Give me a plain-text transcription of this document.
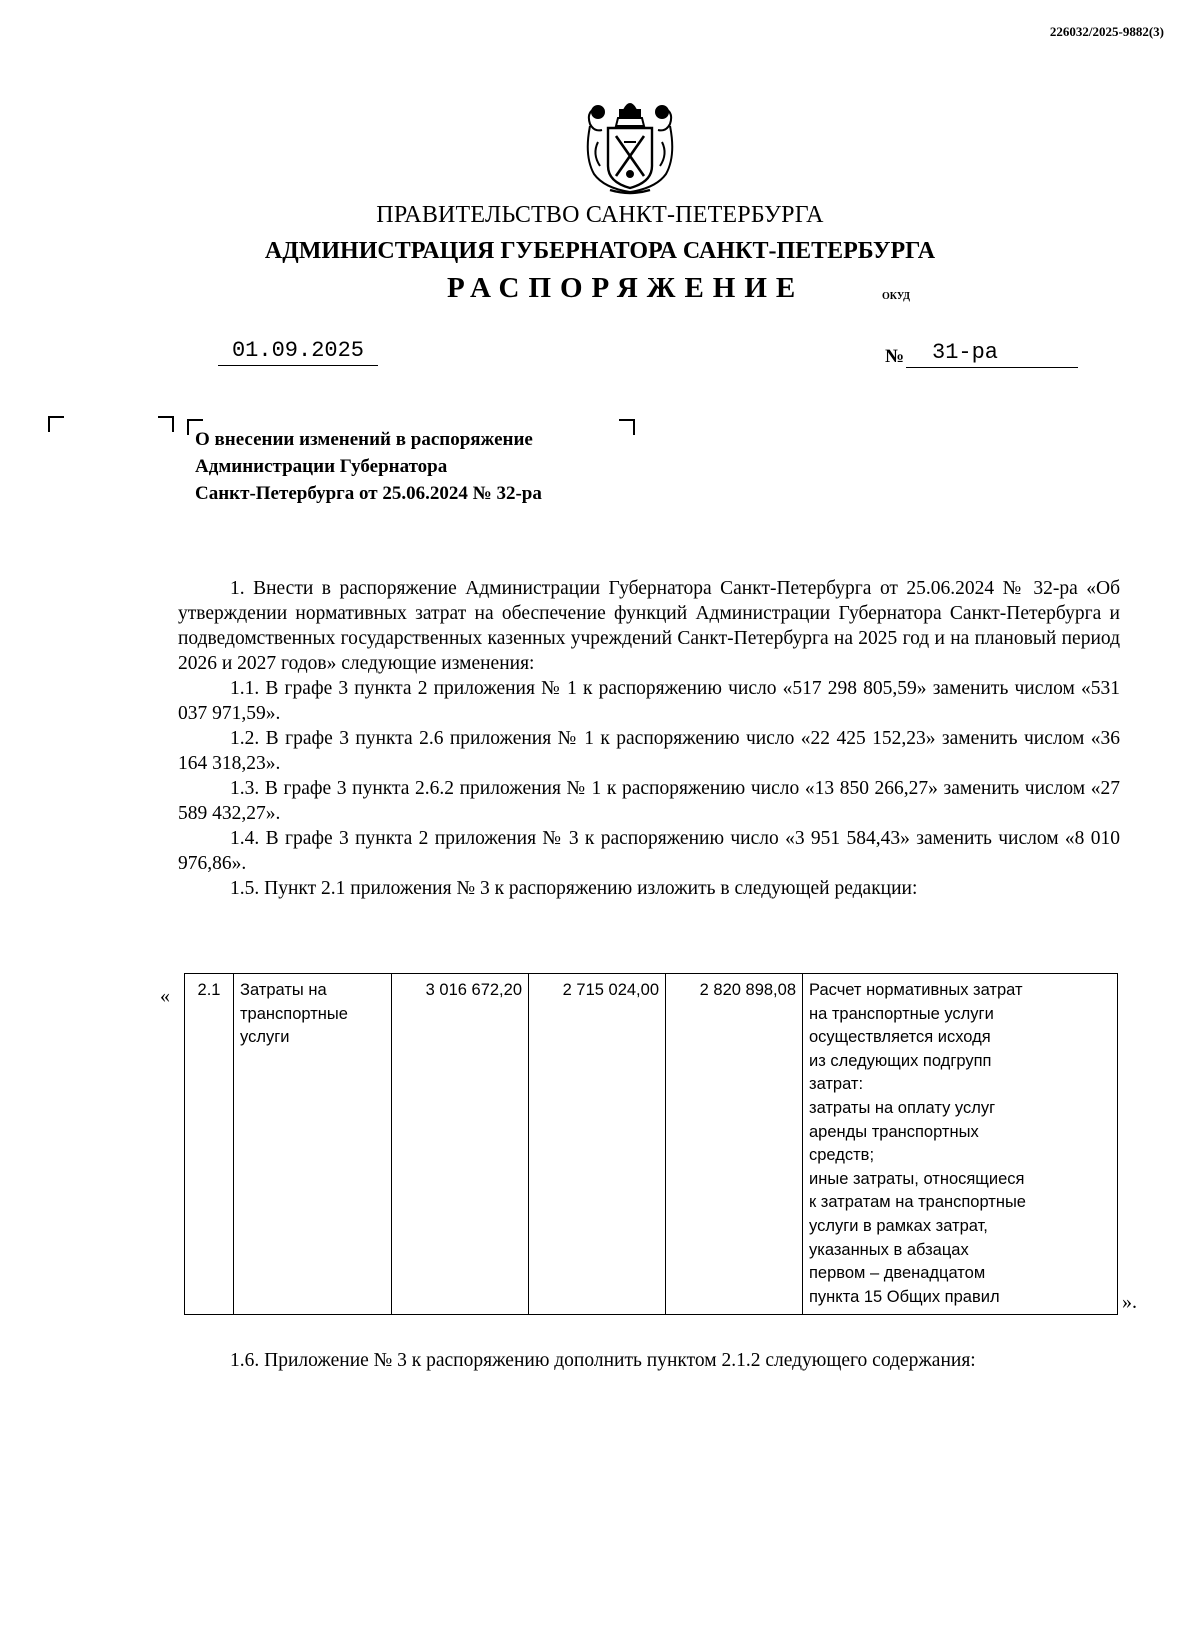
226032/2025-9882(3)
ПРАВИТЕЛЬСТВО САНКТ-ПЕТЕРБУРГА
АДМИНИСТРАЦИЯ ГУБЕРНАТОРА САНКТ-ПЕТЕРБУРГА
РАСПОРЯЖЕНИЕ	ОКУД
01.09.2025	№	31-ра
О внесении изменений в распоряжение
Администрации Губернатора
Санкт-Петербурга от 25.06.2024 № 32-ра

1. Внести в распоряжение Администрации Губернатора Санкт-Петербурга от 25.06.2024 № 32-ра «Об утверждении нормативных затрат на обеспечение функций Администрации Губернатора Санкт-Петербурга и подведомственных государственных казенных учреждений Санкт-Петербурга на 2025 год и на плановый период 2026 и 2027 годов» следующие изменения:

1.1. В графе 3 пункта 2 приложения № 1 к распоряжению число «517 298 805,59» заменить числом «531 037 971,59».

1.2. В графе 3 пункта 2.6 приложения № 1 к распоряжению число «22 425 152,23» заменить числом «36 164 318,23».

1.3. В графе 3 пункта 2.6.2 приложения № 1 к распоряжению число «13 850 266,27» заменить числом «27 589 432,27».

1.4. В графе 3 пункта 2 приложения № 3 к распоряжению число «3 951 584,43» заменить числом «8 010 976,86».

1.5. Пункт 2.1 приложения № 3 к распоряжению изложить в следующей редакции:

« 2.1	Затраты на транспортные услуги	3 016 672,20	2 715 024,00	2 820 898,08	Расчет нормативных затрат
на транспортные услуги
осуществляется исходя
из следующих подгрупп
затрат:
затраты на оплату услуг
аренды транспортных
средств;
иные затраты, относящиеся
к затратам на транспортные
услуги в рамках затрат,
указанных в абзацах
первом – двенадцатом
пункта 15 Общих правил	».

1.6. Приложение № 3 к распоряжению дополнить пунктом 2.1.2 следующего содержания:
